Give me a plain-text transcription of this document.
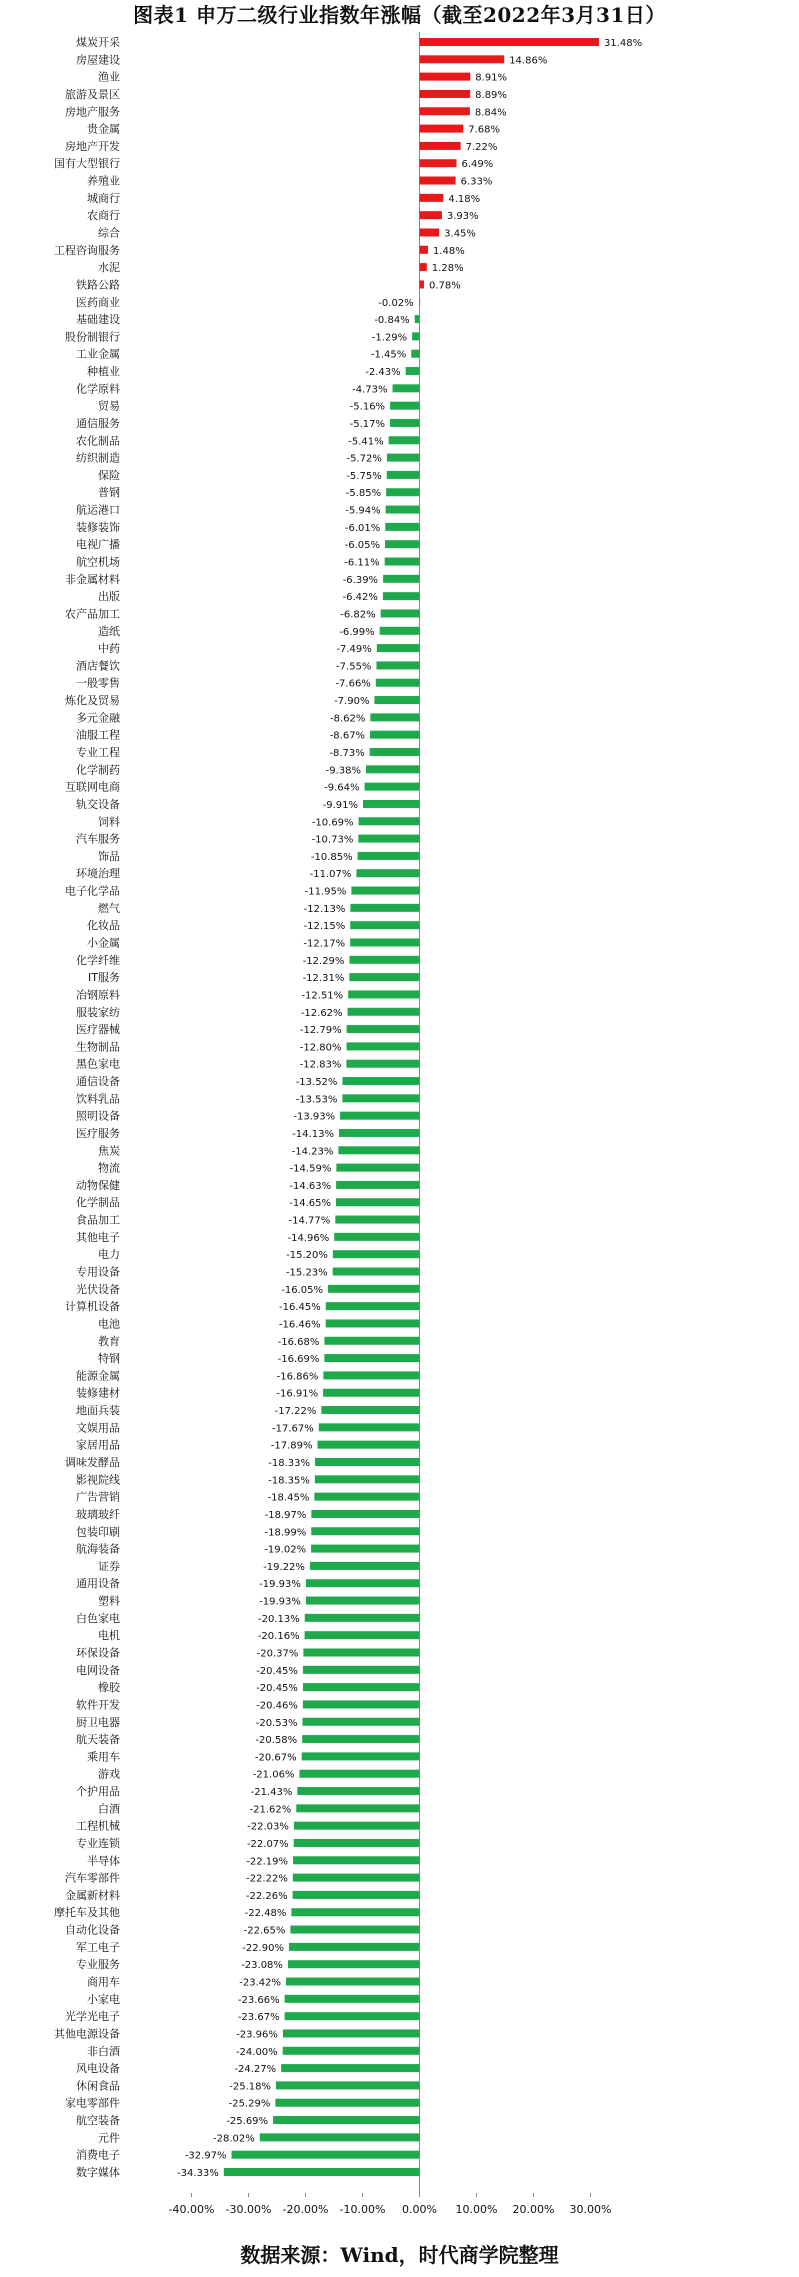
图表1 申万二级行业指数年涨幅（截至2022年3月31日）
煤炭开采
房屋建设
渔业
旅游及景区
房地产服务
贵金属
房地产开发
国有大型银行
养殖业
城商行
农商行
综合
工程咨询服务
水泥
铁路公路
医药商业
基础建设
股份制银行
工业金属
种植业
化学原料
贸易
通信服务
农化制品
纺织制造
保险
普钢
航运港口
装修装饰
电视广播
航空机场
非金属材料
出版
农产品加工
造纸
中药
酒店餐饮
一般零售
炼化及贸易
多元金融
油服工程
专业工程
化学制药
互联网电商
轨交设备
饲料
汽车服务
饰品
环境治理
电子化学品
燃气
化妆品
小金属
化学纤维
IT服务
冶钢原料
服装家纺
医疗器械
生物制品
黑色家电
通信设备
饮料乳品
照明设备
医疗服务
焦炭
物流
动物保健
化学制品
食品加工
其他电子
电力
专用设备
光伏设备
计算机设备
电池
教育
特钢
能源金属
装修建材
地面兵装
文娱用品
家居用品
调味发酵品
影视院线
广告营销
玻璃玻纤
包装印刷
航海装备
证券
通用设备
塑料
白色家电
电机
环保设备
电网设备
橡胶
软件开发
厨卫电器
航天装备
乘用车
游戏
个护用品
白酒
工程机械
专业连锁
半导体
汽车零部件
金属新材料
摩托车及其他
自动化设备
军工电子
专业服务
商用车
小家电
光学光电子
其他电源设备
非白酒
风电设备
休闲食品
家电零部件
航空装备
元件
消费电子
数字媒体
31.48%
14.86%
8.91%
8.89%
8.84%
7.68%
7.22%
6.49%
6.33%
4.18%
3.93%
3.45%
1.48%
1.28%
0.78%
-0.02%
-0.84%
-1.29%
-1.45%
-2.43%
-4.73%
-5.16%
-5.17%
-5.41%
-5.72%
-5.75%
-5.85%
-5.94%
-6.01%
-6.05%
-6.11%
-6.39%
-6.42%
-6.82%
-6.99%
-7.49%
-7.55%
-7.66%
-7.90%
-8.62%
-8.67%
-8.73%
-9.38%
-9.64%
-9.91%
-10.69%
-10.73%
-10.85%
-11.07%
-11.95%
-12.13%
-12.15%
-12.17%
-12.29%
-12.31%
-12.51%
-12.62%
-12.79%
-12.80%
-12.83%
-13.52%
-13.53%
-13.93%
-14.13%
-14.23%
-14.59%
-14.63%
-14.65%
-14.77%
-14.96%
-15.20%
-15.23%
-16.05%
-16.45%
-16.46%
-16.68%
-16.69%
-16.86%
-16.91%
-17.22%
-17.67%
-17.89%
-18.33%
-18.35%
-18.45%
-18.97%
-18.99%
-19.02%
-19.22%
-19.93%
-19.93%
-20.13%
-20.16%
-20.37%
-20.45%
-20.45%
-20.46%
-20.53%
-20.58%
-20.67%
-21.06%
-21.43%
-21.62%
-22.03%
-22.07%
-22.19%
-22.22%
-22.26%
-22.48%
-22.65%
-22.90%
-23.08%
-23.42%
-23.66%
-23.67%
-23.96%
-24.00%
-24.27%
-25.18%
-25.29%
-25.69%
-28.02%
-32.97%
-34.33%
-40.00% -30.00% -20.00% -10.00% 0.00% 10.00% 20.00% 30.00%
数据来源：Wind，时代商学院整理
